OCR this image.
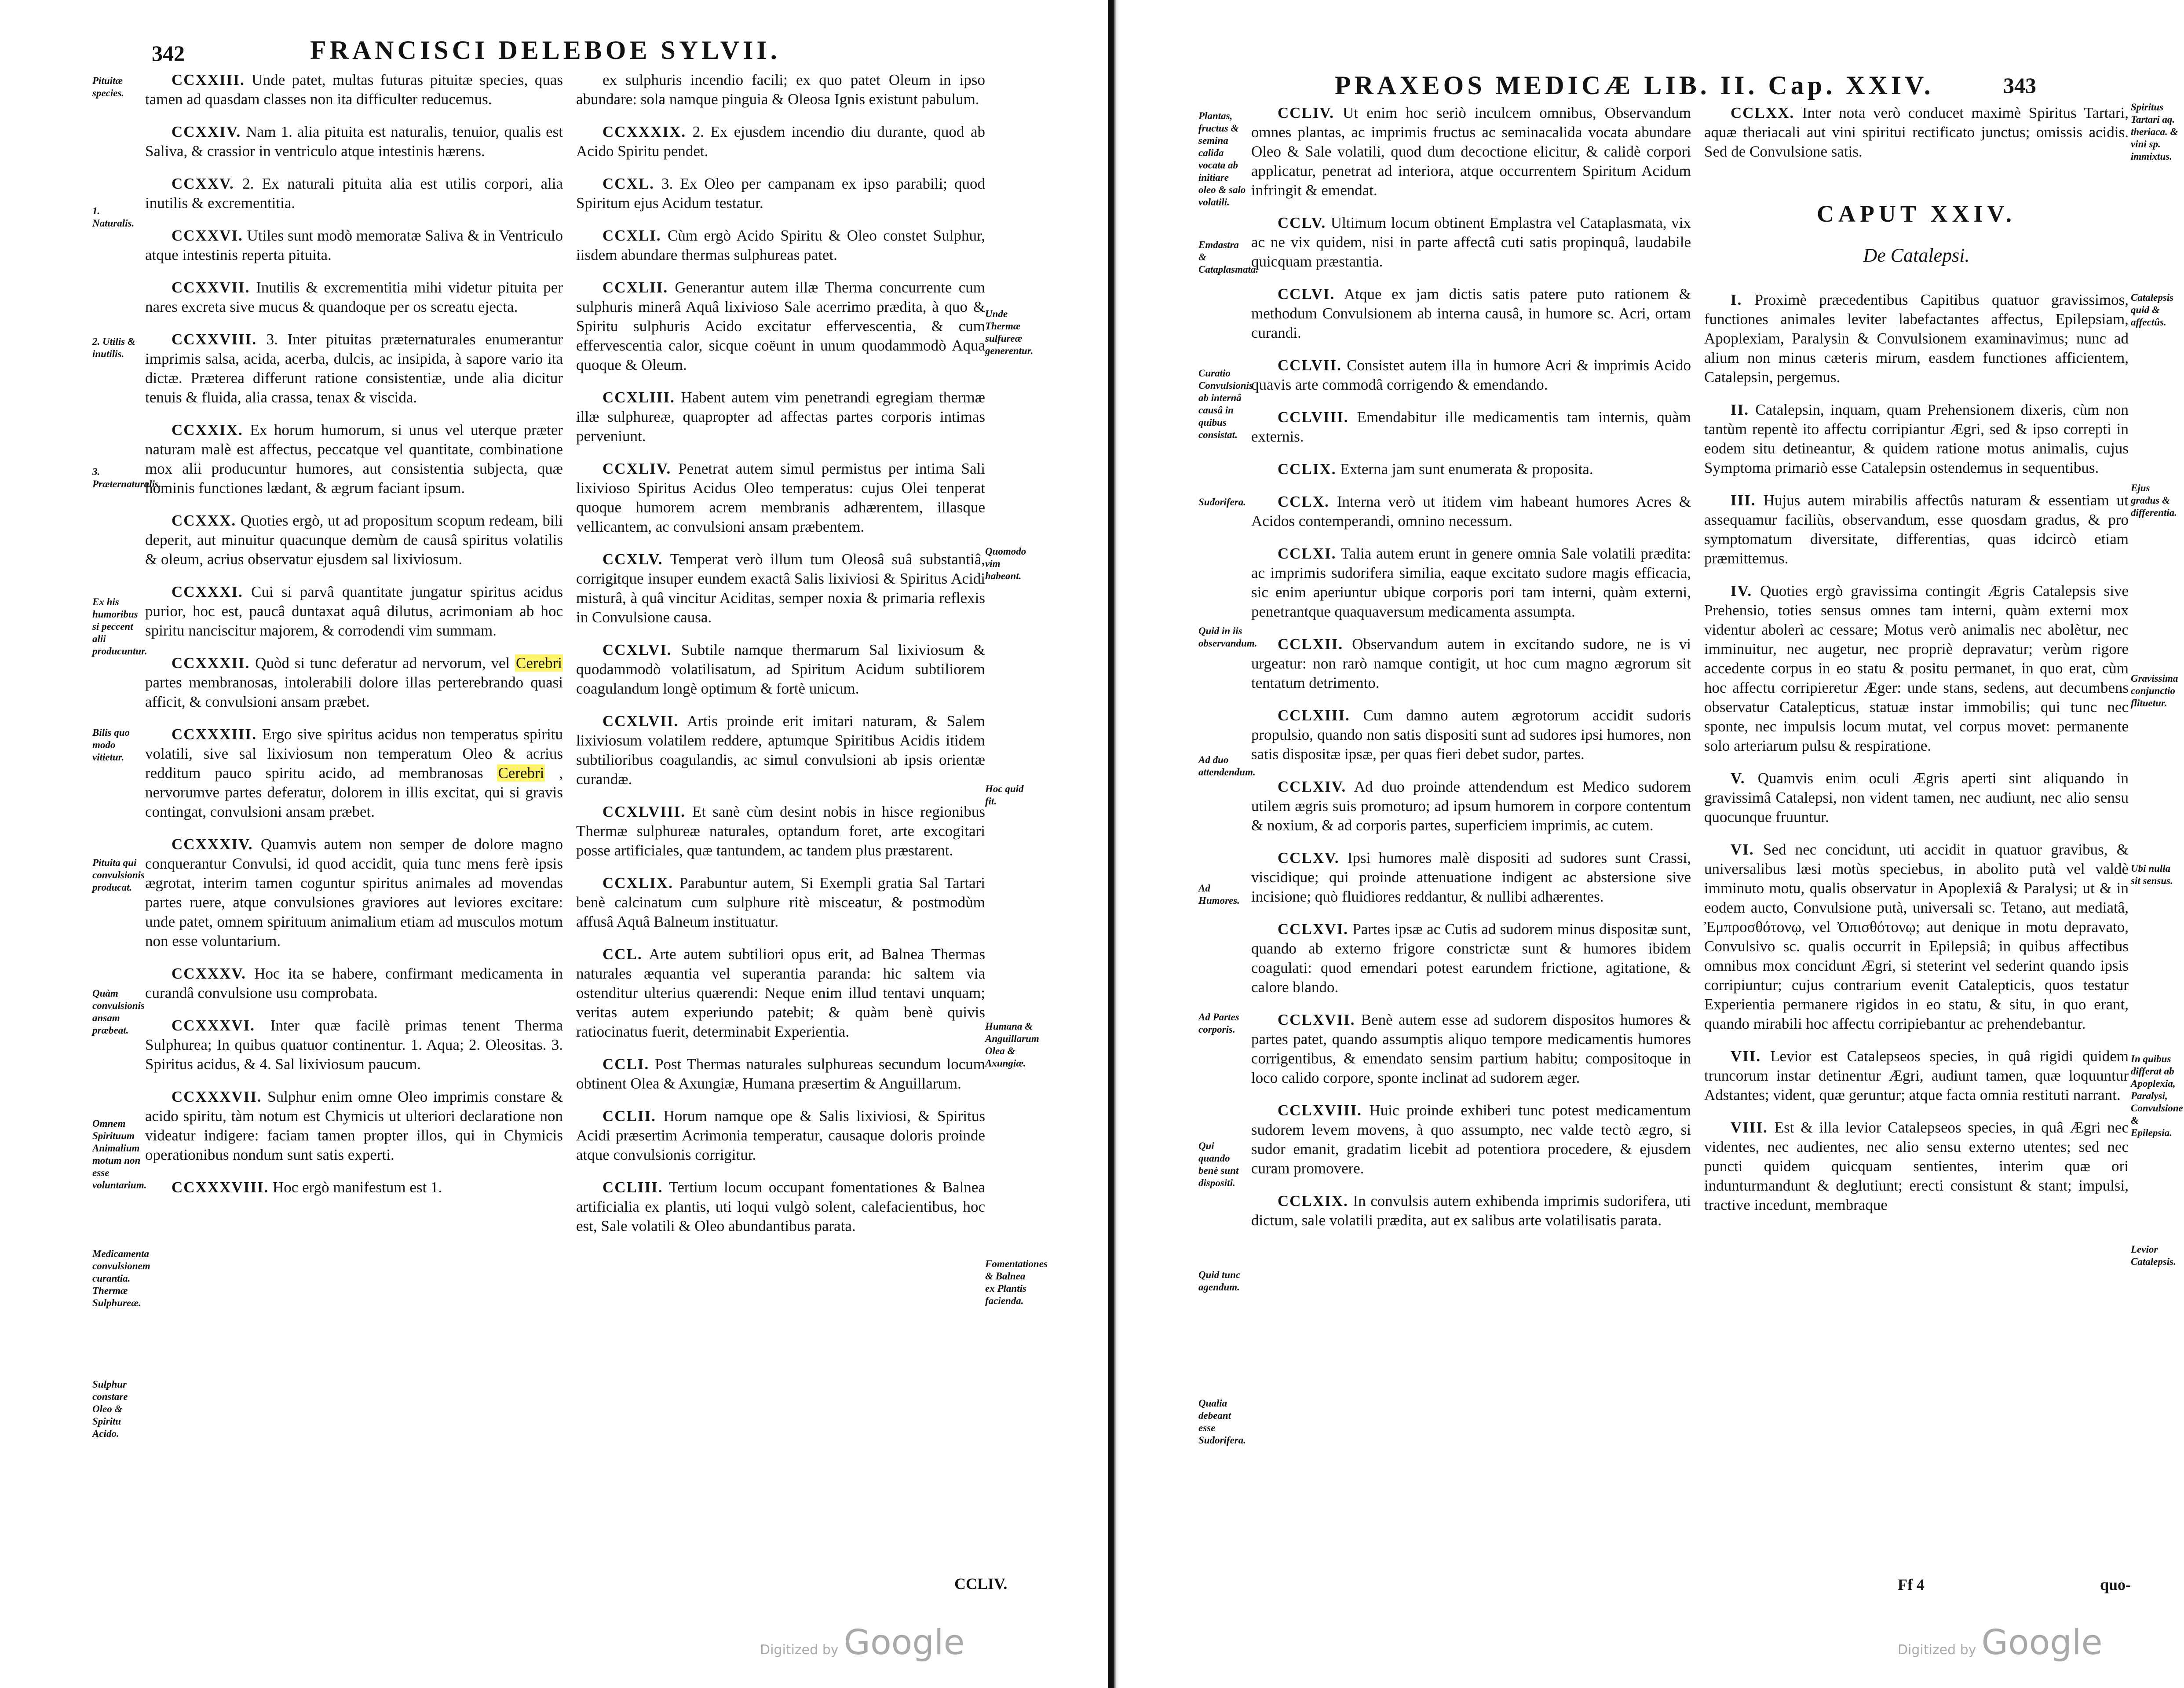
342	FRANCISCI DELEBOE SYLVII.

CCXXIII. Unde patet, multas futuras pituitæ species, quas tamen ad quasdam classes non ita difficulter reducemus.

CCXXIV. Nam 1. alia pituita est naturalis, tenuior, qualis est Saliva, & crassior in ventriculo atque intestinis hærens.

CCXXV. 2. Ex naturali pituita alia est utilis corpori, alia inutilis & excrementitia.

CCXXVI. Utiles sunt modò memoratæ Saliva & in Ventriculo atque intestinis reperta pituita.

CCXXVII. Inutilis & excrementitia mihi videtur pituita per nares excreta sive mucus & quandoque per os screatu ejecta.

CCXXVIII. 3. Inter pituitas præternaturales enumerantur imprimis salsa, acida, acerba, dulcis, ac insipida, à sapore vario ita dictæ. Præterea differunt ratione consistentiæ, unde alia dicitur tenuis & fluida, alia crassa, tenax & viscida.

CCXXIX. Ex horum humorum, si unus vel uterque præter naturam malè est affectus, peccatque vel quantitate, combinatione mox alii producuntur humores, aut consistentia subjecta, quæ hominis functiones lædant, & ægrum faciant ipsum.

CCXXX. Quoties ergò, ut ad propositum scopum redeam, bili deperit, aut minuitur quacunque demùm de causâ spiritus volatilis & oleum, acrius observatur ejusdem sal lixiviosum.

CCXXXI. Cui si parvâ quantitate jungatur spiritus acidus purior, hoc est, paucâ duntaxat aquâ dilutus, acrimoniam ab hoc spiritu nanciscitur majorem, & corrodendi vim summam.

CCXXXII. Quòd si tunc deferatur ad nervorum, vel Cerebri partes membranosas, intolerabili dolore illas perterebrando quasi afficit, & convulsioni ansam præbet.

CCXXXIII. Ergo sive spiritus acidus non temperatus spiritu volatili, sive sal lixiviosum non temperatum Oleo & acrius redditum pauco spiritu acido, ad membranosas Cerebri , nervorumve partes deferatur, dolorem in illis excitat, qui si gravis contingat, convulsioni ansam præbet.

CCXXXIV. Quamvis autem non semper de dolore magno conquerantur Convulsi, id quod accidit, quia tunc mens ferè ipsis ægrotat, interim tamen coguntur spiritus animales ad movendas partes ruere, atque convulsiones graviores aut leviores excitare: unde patet, omnem spirituum animalium etiam ad musculos motum non esse voluntarium.

CCXXXV. Hoc ita se habere, confirmant medicamenta in curandâ convulsione usu comprobata.

CCXXXVI. Inter quæ facilè primas tenent Therma Sulphurea; In quibus quatuor continentur. 1. Aqua; 2. Oleositas. 3. Spiritus acidus, & 4. Sal lixiviosum paucum.

CCXXXVII. Sulphur enim omne Oleo imprimis constare & acido spiritu, tàm notum est Chymicis ut ulteriori declaratione non videatur indigere: faciam tamen propter illos, qui in Chymicis operationibus nondum sunt satis experti.

CCXXXVIII. Hoc ergò manifestum est 1.

ex sulphuris incendio facili; ex quo patet Oleum in ipso abundare: sola namque pinguia & Oleosa Ignis existunt pabulum.

CCXXXIX. 2. Ex ejusdem incendio diu durante, quod ab Acido Spiritu pendet.

CCXL. 3. Ex Oleo per campanam ex ipso parabili; quod Spiritum ejus Acidum testatur.

CCXLI. Cùm ergò Acido Spiritu & Oleo constet Sulphur, iisdem abundare thermas sulphureas patet.

CCXLII. Generantur autem illæ Therma concurrente cum sulphuris minerâ Aquâ lixivioso Sale acerrimo prædita, à quo & Spiritu sulphuris Acido excitatur effervescentia, & cum effervescentia calor, sicque coëunt in unum quodammodò Aqua quoque & Oleum.

CCXLIII. Habent autem vim penetrandi egregiam thermæ illæ sulphureæ, quapropter ad affectas partes corporis intimas perveniunt.

CCXLIV. Penetrat autem simul permistus per intima Sali lixivioso Spiritus Acidus Oleo temperatus: cujus Olei tenperat quoque humorem acrem membranis adhærentem, illasque vellicantem, ac convulsioni ansam præbentem.

CCXLV. Temperat verò illum tum Oleosâ suâ substantiâ, corrigitque insuper eundem exactâ Salis lixiviosi & Spiritus Acidi misturâ, à quâ vincitur Aciditas, semper noxia & primaria reflexis in Convulsione causa.

CCXLVI. Subtile namque thermarum Sal lixiviosum & quodammodò volatilisatum, ad Spiritum Acidum subtiliorem coagulandum longè optimum & fortè unicum.

CCXLVII. Artis proinde erit imitari naturam, & Salem lixiviosum volatilem reddere, aptumque Spiritibus Acidis itidem subtilioribus coagulandis, ac simul convulsioni ab ipsis orientæ curandæ.

CCXLVIII. Et sanè cùm desint nobis in hisce regionibus Thermæ sulphureæ naturales, optandum foret, arte excogitari posse artificiales, quæ tantundem, ac tandem plus præstarent.

CCXLIX. Parabuntur autem, Si Exempli gratia Sal Tartari benè calcinatum cum sulphure ritè misceatur, & postmodùm affusâ Aquâ Balneum instituatur.

CCL. Arte autem subtiliori opus erit, ad Balnea Thermas naturales æquantia vel superantia paranda: hic saltem via ostenditur ulterius quærendi: Neque enim illud tentavi unquam; veritas autem experiundo patebit; & quàm benè quivis ratiocinatus fuerit, determinabit Experientia.

CCLI. Post Thermas naturales sulphureas secundum locum obtinent Olea & Axungiæ, Humana præsertim & Anguillarum.

CCLII. Horum namque ope & Salis lixiviosi, & Spiritus Acidi præsertim Acrimonia temperatur, causaque doloris proinde atque convulsionis corrigitur.

CCLIII. Tertium locum occupant fomentationes & Balnea artificialia ex plantis, uti loqui vulgò solent, calefacientibus, hoc est, Sale volatili & Oleo abundantibus parata.

Pituitæ species.
1. Naturalis.
2. Utilis & inutilis.
3. Præternaturalis.
Ex his humoribus si peccent alii producuntur.
Bilis quo modo vitietur.
Pituita qui convulsionis producat.
Quàm convulsionis ansam præbeat.
Omnem Spirituum Animalium motum non esse voluntarium.
Medicamenta convulsionem curantia. Thermæ Sulphureæ.
Sulphur constare Oleo & Spiritu Acido.
Unde Thermæ sulfureæ generentur.
Quomodo vim habeant.
Hoc quid fit.
Humana & Anguillarum Olea & Axungiæ.
Fomentationes & Balnea ex Plantis facienda.
CCLIV.
Digitized by Google
PRAXEOS MEDICÆ LIB. II. Cap. XXIV.	343

CCLIV. Ut enim hoc seriò inculcem omnibus, Observandum omnes plantas, ac imprimis fructus ac seminacalida vocata abundare Oleo & Sale volatili, quod dum decoctione elicitur, & calidè corpori applicatur, penetrat ad interiora, atque occurrentem Spiritum Acidum infringit & emendat.

CCLV. Ultimum locum obtinent Emplastra vel Cataplasmata, vix ac ne vix quidem, nisi in parte affectâ cuti satis propinquâ, laudabile quicquam præstantia.

CCLVI. Atque ex jam dictis satis patere puto rationem & methodum Convulsionem ab interna causâ, in humore sc. Acri, ortam curandi.

CCLVII. Consistet autem illa in humore Acri & imprimis Acido quavis arte commodâ corrigendo & emendando.

CCLVIII. Emendabitur ille medicamentis tam internis, quàm externis.

CCLIX. Externa jam sunt enumerata & proposita.

CCLX. Interna verò ut itidem vim habeant humores Acres & Acidos contemperandi, omnino necessum.

CCLXI. Talia autem erunt in genere omnia Sale volatili prædita: ac imprimis sudorifera similia, eaque excitato sudore magis efficacia, sic enim aperiuntur ubique corporis pori tam interni, quàm externi, penetrantque quaquaversum medicamenta assumpta.

CCLXII. Observandum autem in excitando sudore, ne is vi urgeatur: non rarò namque contigit, ut hoc cum magno ægrorum sit tentatum detrimento.

CCLXIII. Cum damno autem ægrotorum accidit sudoris propulsio, quando non satis dispositi sunt ad sudores ipsi humores, non satis dispositæ ipsæ, per quas fieri debet sudor, partes.

CCLXIV. Ad duo proinde attendendum est Medico sudorem utilem ægris suis promoturo; ad ipsum humorem in corpore contentum & noxium, & ad corporis partes, superficiem imprimis, ac cutem.

CCLXV. Ipsi humores malè dispositi ad sudores sunt Crassi, viscidique; qui proinde attenuatione indigent ac abstersione sive incisione; quò fluidiores reddantur, & nullibi adhærentes.

CCLXVI. Partes ipsæ ac Cutis ad sudorem minus dispositæ sunt, quando ab externo frigore constrictæ sunt & humores ibidem coagulati: quod emendari potest earundem frictione, agitatione, & calore blando.

CCLXVII. Benè autem esse ad sudorem dispositos humores & partes patet, quando assumptis aliquo tempore medicamentis humores corrigentibus, & emendato sensim partium habitu; compositoque in loco calido corpore, sponte inclinat ad sudorem æger.

CCLXVIII. Huic proinde exhiberi tunc potest medicamentum sudorem levem movens, à quo assumpto, nec valde tectò ægro, si sudor emanit, gradatim licebit ad potentiora procedere, & ejusdem curam promovere.

CCLXIX. In convulsis autem exhibenda imprimis sudorifera, uti dictum, sale volatili prædita, aut ex salibus arte volatilisatis parata.

CCLXX. Inter nota verò conducet maximè Spiritus Tartari, aquæ theriacali aut vini spiritui rectificato junctus; omissis acidis. Sed de Convulsione satis.

CAPUT XXIV.
De Catalepsi.

I. Proximè præcedentibus Capitibus quatuor gravissimos, functiones animales leviter labefactantes affectus, Epilepsiam, Apoplexiam, Paralysin & Convulsionem examinavimus; nunc ad alium non minus cæteris mirum, easdem functiones afficientem, Catalepsin, pergemus.

II. Catalepsin, inquam, quam Prehensionem dixeris, cùm non tantùm repentè ito affectu corripiantur Ægri, sed & ipso correpti in eodem situ detineantur, & quidem ratione motus animalis, cujus Symptoma primariò esse Catalepsin ostendemus in sequentibus.

III. Hujus autem mirabilis affectûs naturam & essentiam ut assequamur faciliùs, observandum, esse quosdam gradus, & pro symptomatum diversitate, differentias, quas idcircò etiam præmittemus.

IV. Quoties ergò gravissima contingit Ægris Catalepsis sive Prehensio, toties sensus omnes tam interni, quàm externi mox videntur abolerì ac cessare; Motus verò animalis nec abolètur, nec imminuitur, nec augetur, nec propriè depravatur; verùm rigore accedente corpus in eo statu & positu permanet, in quo erat, cùm hoc affectu corripieretur Æger: unde stans, sedens, aut decumbens observatur Catalepticus, statuæ instar immobilis; qui tunc nec sponte, nec impulsis locum mutat, vel corpus movet: permanente solo arteriarum pulsu & respiratione.

V. Quamvis enim oculi Ægris aperti sint aliquando in gravissimâ Catalepsi, non vident tamen, nec audiunt, nec alio sensu quocunque fruuntur.

VI. Sed nec concidunt, uti accidit in quatuor gravibus, & universalibus læsi motùs speciebus, in abolito putà vel valdè imminuto motu, qualis observatur in Apoplexiâ & Paralysi; ut & in eodem aucto, Convulsione putà, universali sc. Tetano, aut mediatâ, Ἐμπροσθότονῳ, vel Ὀπισθότονῳ; aut denique in motu depravato, Convulsivo sc. qualis occurrit in Epilepsiâ; in quibus affectibus omnibus mox concidunt Ægri, si steterint vel sederint quando ipsis corripiuntur; cujus contrarium evenit Catalepticis, quos testatur Experientia permanere rigidos in eo statu, & situ, in quo erant, quando mirabili hoc affectu corripiebantur ac prehendebantur.

VII. Levior est Catalepseos species, in quâ rigidi quidem truncorum instar detinentur Ægri, audiunt tamen, quæ loquuntur Adstantes; vident, quæ geruntur; atque facta omnia restituti narrant.

VIII. Est & illa levior Catalepseos species, in quâ Ægri nec videntes, nec audientes, nec alio sensu externo utentes; sed nec puncti quidem quicquam sentientes, interim quæ ori indunturmandunt & deglutiunt; erecti consistunt & stant; impulsi, tractive incedunt, membraque

Plantas, fructus & semina calida vocata ab initiare oleo & salo volatili.
Emdastra & Cataplasmata.
Curatio Convulsionis ab internâ causâ in quibus consistat.
Sudorifera.
Quid in iis observandum.
Ad duo attendendum.
Ad Humores.
Ad Partes corporis.
Qui quando benè sunt dispositi.
Quid tunc agendum.
Qualia debeant esse Sudorifera.
Spiritus Tartari aq. theriaca. & vini sp. immixtus.
Catalepsis quid & affectûs.
Ejus gradus & differentia.
Gravissima conjunctio flituetur.
Ubi nulla sit sensus.
In quibus differat ab Apoplexia, Paralysi, Convulsione & Epilepsia.
Levior Catalepsis.
Ff 4	quo-
Digitized by Google
